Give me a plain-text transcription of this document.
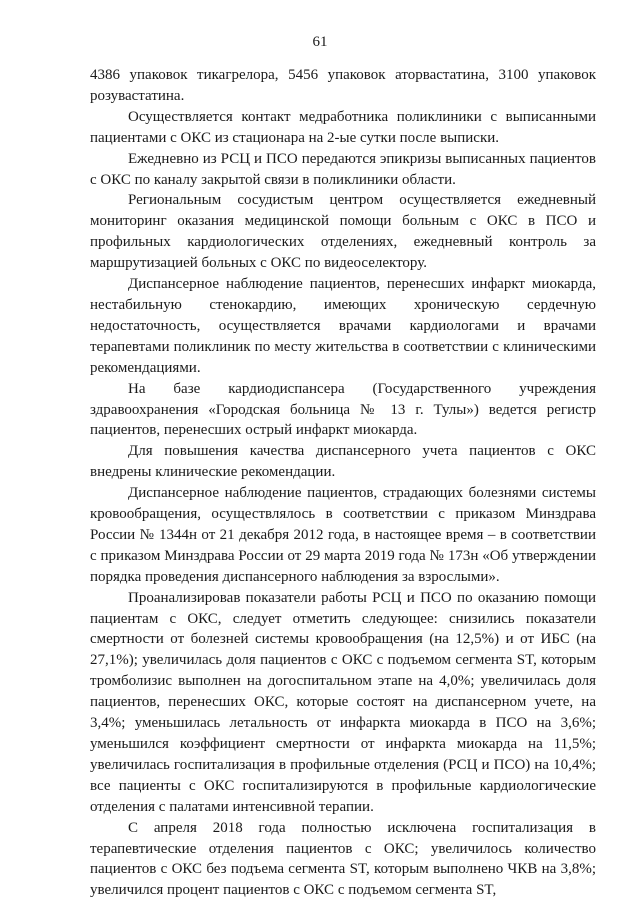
61

4386 упаковок тикагрелора, 5456 упаковок аторвастатина, 3100 упаковок розувастатина.

Осуществляется контакт медработника поликлиники с выписанными пациентами с ОКС из стационара на 2-ые сутки после выписки.

Ежедневно из РСЦ и ПСО передаются эпикризы выписанных пациентов с ОКС по каналу закрытой связи в поликлиники области.

Региональным сосудистым центром осуществляется ежедневный мониторинг оказания медицинской помощи больным с ОКС в ПСО и профильных кардиологических отделениях, ежедневный контроль за маршрутизацией больных с ОКС по видеоселектору.

Диспансерное наблюдение пациентов, перенесших инфаркт миокарда, нестабильную стенокардию, имеющих хроническую сердечную недостаточность, осуществляется врачами кардиологами и врачами терапевтами поликлиник по месту жительства в соответствии с клиническими рекомендациями.

На базе кардиодиспансера (Государственного учреждения здравоохранения «Городская больница № 13 г. Тулы») ведется регистр пациентов, перенесших острый инфаркт миокарда.

Для повышения качества диспансерного учета пациентов с ОКС внедрены клинические рекомендации.

Диспансерное наблюдение пациентов, страдающих болезнями системы кровообращения, осуществлялось в соответствии с приказом Минздрава России № 1344н от 21 декабря 2012 года, в настоящее время – в соответствии с приказом Минздрава России от 29 марта 2019 года № 173н «Об утверждении порядка проведения диспансерного наблюдения за взрослыми».

Проанализировав показатели работы РСЦ и ПСО по оказанию помощи пациентам с ОКС, следует отметить следующее: снизились показатели смертности от болезней системы кровообращения (на 12,5%) и от ИБС (на 27,1%); увеличилась доля пациентов с ОКС с подъемом сегмента ST, которым тромболизис выполнен на догоспитальном этапе на 4,0%; увеличилась доля пациентов, перенесших ОКС, которые состоят на диспансерном учете, на 3,4%; уменьшилась летальность от инфаркта миокарда в ПСО на 3,6%; уменьшился коэффициент смертности от инфаркта миокарда на 11,5%; увеличилась госпитализация в профильные отделения (РСЦ и ПСО) на 10,4%; все пациенты с ОКС госпитализируются в профильные кардиологические отделения с палатами интенсивной терапии.

С апреля 2018 года полностью исключена госпитализация в терапевтические отделения пациентов с ОКС; увеличилось количество пациентов с ОКС без подъема сегмента ST, которым выполнено ЧКВ на 3,8%; увеличился процент пациентов с ОКС с подъемом сегмента ST,
